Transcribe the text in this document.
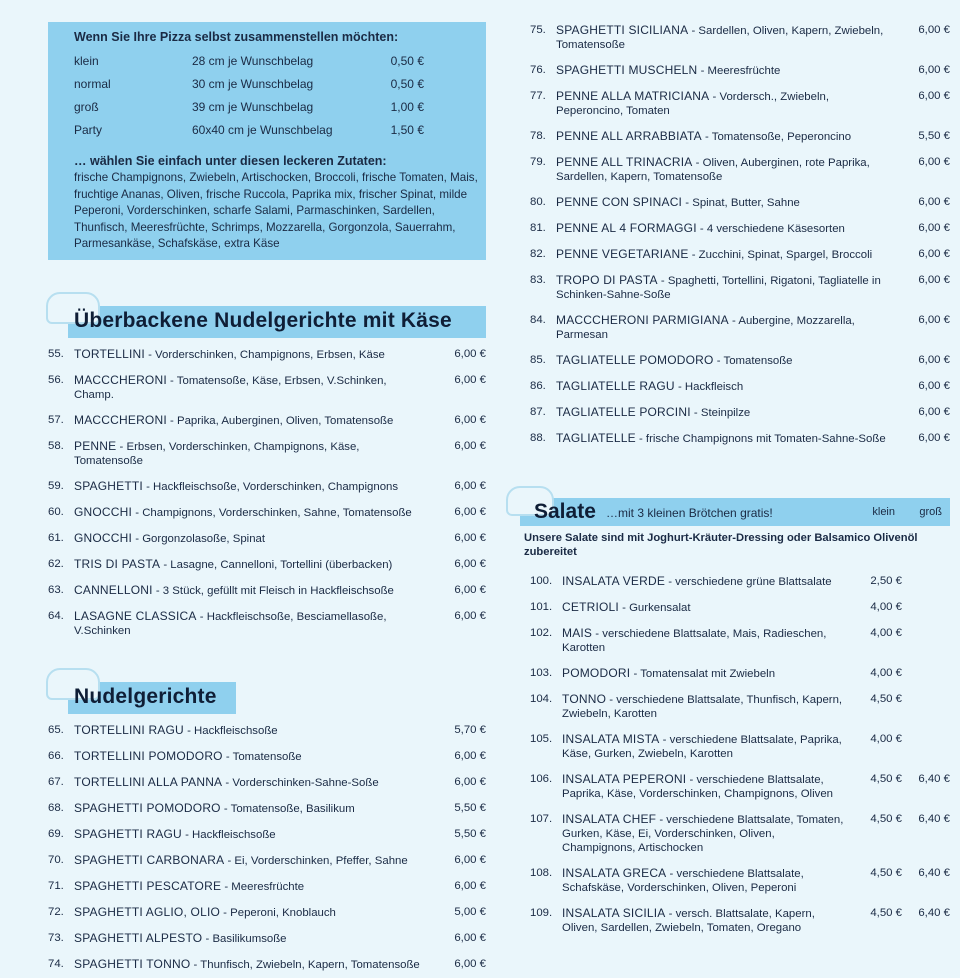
Wenn Sie Ihre Pizza selbst zusammenstellen möchten:
klein	28 cm je Wunschbelag	0,50 €
normal	30 cm je Wunschbelag	0,50 €
groß	39 cm je Wunschbelag	1,00 €
Party	60x40 cm je Wunschbelag	1,50 €
… wählen Sie einfach unter diesen leckeren Zutaten:
frische Champignons, Zwiebeln, Artischocken, Broccoli, frische Tomaten, Mais, fruchtige Ananas, Oliven, frische Ruccola, Paprika mix, frischer Spinat, milde Peperoni, Vorderschinken, scharfe Salami, Parmaschinken, Sardellen, Thunfisch, Meeresfrüchte, Schrimps, Mozzarella, Gorgonzola, Sauerrahm, Parmesankäse, Schafskäse, extra Käse
Überbackene Nudelgerichte mit Käse
55. TORTELLINI - Vorderschinken, Champignons, Erbsen, Käse	6,00 €
56. MACCCHERONI - Tomatensoße, Käse, Erbsen, V.Schinken, Champ.
6,00 €
57. MACCCHERONI - Paprika, Auberginen, Oliven, Tomatensoße	6,00 €
58. PENNE - Erbsen, Vorderschinken, Champignons, Käse, Tomatensoße
6,00 €
59. SPAGHETTI - Hackfleischsoße, Vorderschinken, Champignons	6,00 €
60. GNOCCHI - Champignons, Vorderschinken, Sahne, Tomatensoße	6,00 €
61. GNOCCHI - Gorgonzolasoße, Spinat	6,00 €
62. TRIS DI PASTA - Lasagne, Cannelloni, Tortellini (überbacken)	6,00 €
63. CANNELLONI - 3 Stück, gefüllt mit Fleisch in Hackfleischsoße	6,00 €
64. LASAGNE CLASSICA - Hackfleischsoße, Besciamellasoße, V.Schinken
6,00 €
Nudelgerichte
65. TORTELLINI RAGU - Hackfleischsoße	5,70 €
66. TORTELLINI POMODORO - Tomatensoße	6,00 €
67. TORTELLINI ALLA PANNA - Vorderschinken-Sahne-Soße	6,00 €
68. SPAGHETTI POMODORO - Tomatensoße, Basilikum	5,50 €
69. SPAGHETTI RAGU - Hackfleischsoße	5,50 €
70. SPAGHETTI CARBONARA - Ei, Vorderschinken, Pfeffer, Sahne	6,00 €
71. SPAGHETTI PESCATORE - Meeresfrüchte	6,00 €
72. SPAGHETTI AGLIO, OLIO - Peperoni, Knoblauch	5,00 €
73. SPAGHETTI ALPESTO - Basilikumsoße	6,00 €
74. SPAGHETTI TONNO - Thunfisch, Zwiebeln, Kapern, Tomatensoße	6,00 €
75. SPAGHETTI SICILIANA - Sardellen, Oliven, Kapern, Zwiebeln, Tomatensoße
6,00 €
76. SPAGHETTI MUSCHELN - Meeresfrüchte	6,00 €
77. PENNE ALLA MATRICIANA - Vordersch., Zwiebeln, Peperoncino, Tomaten
6,00 €
78. PENNE ALL ARRABBIATA - Tomatensoße, Peperoncino	5,50 €
79. PENNE ALL TRINACRIA - Oliven, Auberginen, rote Paprika, Sardellen, Kapern, Tomatensoße
6,00 €
80. PENNE CON SPINACI - Spinat, Butter, Sahne	6,00 €
81. PENNE AL 4 FORMAGGI - 4 verschiedene Käsesorten	6,00 €
82. PENNE VEGETARIANE - Zucchini, Spinat, Spargel, Broccoli	6,00 €
83. TROPO DI PASTA - Spaghetti, Tortellini, Rigatoni, Tagliatelle in Schinken-Sahne-Soße
6,00 €
84. MACCCHERONI PARMIGIANA - Aubergine, Mozzarella, Parmesan
6,00 €
85. TAGLIATELLE POMODORO - Tomatensoße	6,00 €
86. TAGLIATELLE RAGU - Hackfleisch	6,00 €
87. TAGLIATELLE PORCINI - Steinpilze	6,00 €
88. TAGLIATELLE - frische Champignons mit Tomaten-Sahne-Soße	6,00 €
Salate …mit 3 kleinen Brötchen gratis!	klein groß
Unsere Salate sind mit Joghurt-Kräuter-Dressing oder Balsamico Olivenöl zubereitet
100. INSALATA VERDE - verschiedene grüne Blattsalate	2,50 €
101. CETRIOLI - Gurkensalat	4,00 €
102. MAIS - verschiedene Blattsalate, Mais, Radieschen, Karotten
4,00 €
103. POMODORI - Tomatensalat mit Zwiebeln	4,00 €
104. TONNO - verschiedene Blattsalate, Thunfisch, Kapern, Zwiebeln, Karotten
4,50 €
105. INSALATA MISTA - verschiedene Blattsalate, Paprika, Käse, Gurken, Zwiebeln, Karotten
4,00 €
106. INSALATA PEPERONI - verschiedene Blattsalate, Paprika, Käse, Vorderschinken, Champignons, Oliven
4,50 €	6,40 €
107. INSALATA CHEF - verschiedene Blattsalate, Tomaten, Gurken, Käse, Ei, Vorderschinken, Oliven, Champignons, Artischocken
4,50 €	6,40 €
108. INSALATA GRECA - verschiedene Blattsalate, Schafskäse, Vorderschinken, Oliven, Peperoni
4,50 €	6,40 €
109. INSALATA SICILIA - versch. Blattsalate, Kapern, Oliven, Sardellen, Zwiebeln, Tomaten, Oregano
4,50 €	6,40 €
